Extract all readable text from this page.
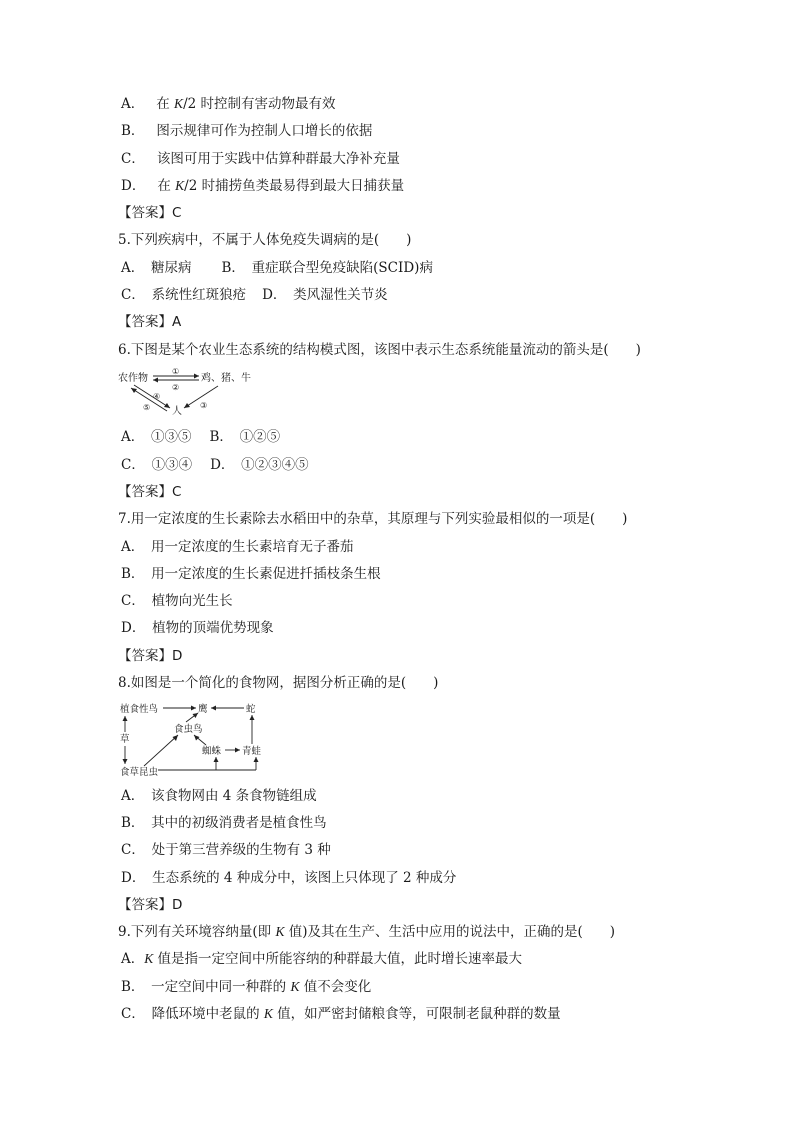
A． 在 K/2 时控制有害动物最有效
B． 图示规律可作为控制人口增长的依据
C． 该图可用于实践中估算种群最大净补充量
D． 在 K/2 时捕捞鱼类最易得到最大日捕获量
【答案】C
5.下列疾病中，不属于人体免疫失调病的是(　　)
A．　糖尿病 B．　重症联合型免疫缺陷(SCID)病
C．　系统性红斑狼疮 D．　类风湿性关节炎
【答案】A
6.下图是某个农业生态系统的结构模式图，该图中表示生态系统能量流动的箭头是(　　)
农作物	鸡、猪、牛
人
①
②
④
⑤	③
A．　①③⑤ B．　①②⑤
C．　①③④ D．　①②③④⑤
【答案】C
7.用一定浓度的生长素除去水稻田中的杂草，其原理与下列实验最相似的一项是(　　)
A．　用一定浓度的生长素培育无子番茄
B．　用一定浓度的生长素促进扦插枝条生根
C．　植物向光生长
D．　植物的顶端优势现象
【答案】D
8.如图是一个简化的食物网，据图分析正确的是(　　)
植食性鸟	鹰	蛇
草
食虫鸟
蜘蛛 青蛙
食草昆虫
A．　该食物网由 4 条食物链组成
B．　其中的初级消费者是植食性鸟
C．　处于第三营养级的生物有 3 种
D．　生态系统的 4 种成分中，该图上只体现了 2 种成分
【答案】D
9.下列有关环境容纳量(即 K 值)及其在生产、生活中应用的说法中，正确的是(　　)
A．K 值是指一定空间中所能容纳的种群最大值，此时增长速率最大
B．　一定空间中同一种群的 K 值不会变化
C．　降低环境中老鼠的 K 值，如严密封储粮食等，可限制老鼠种群的数量
